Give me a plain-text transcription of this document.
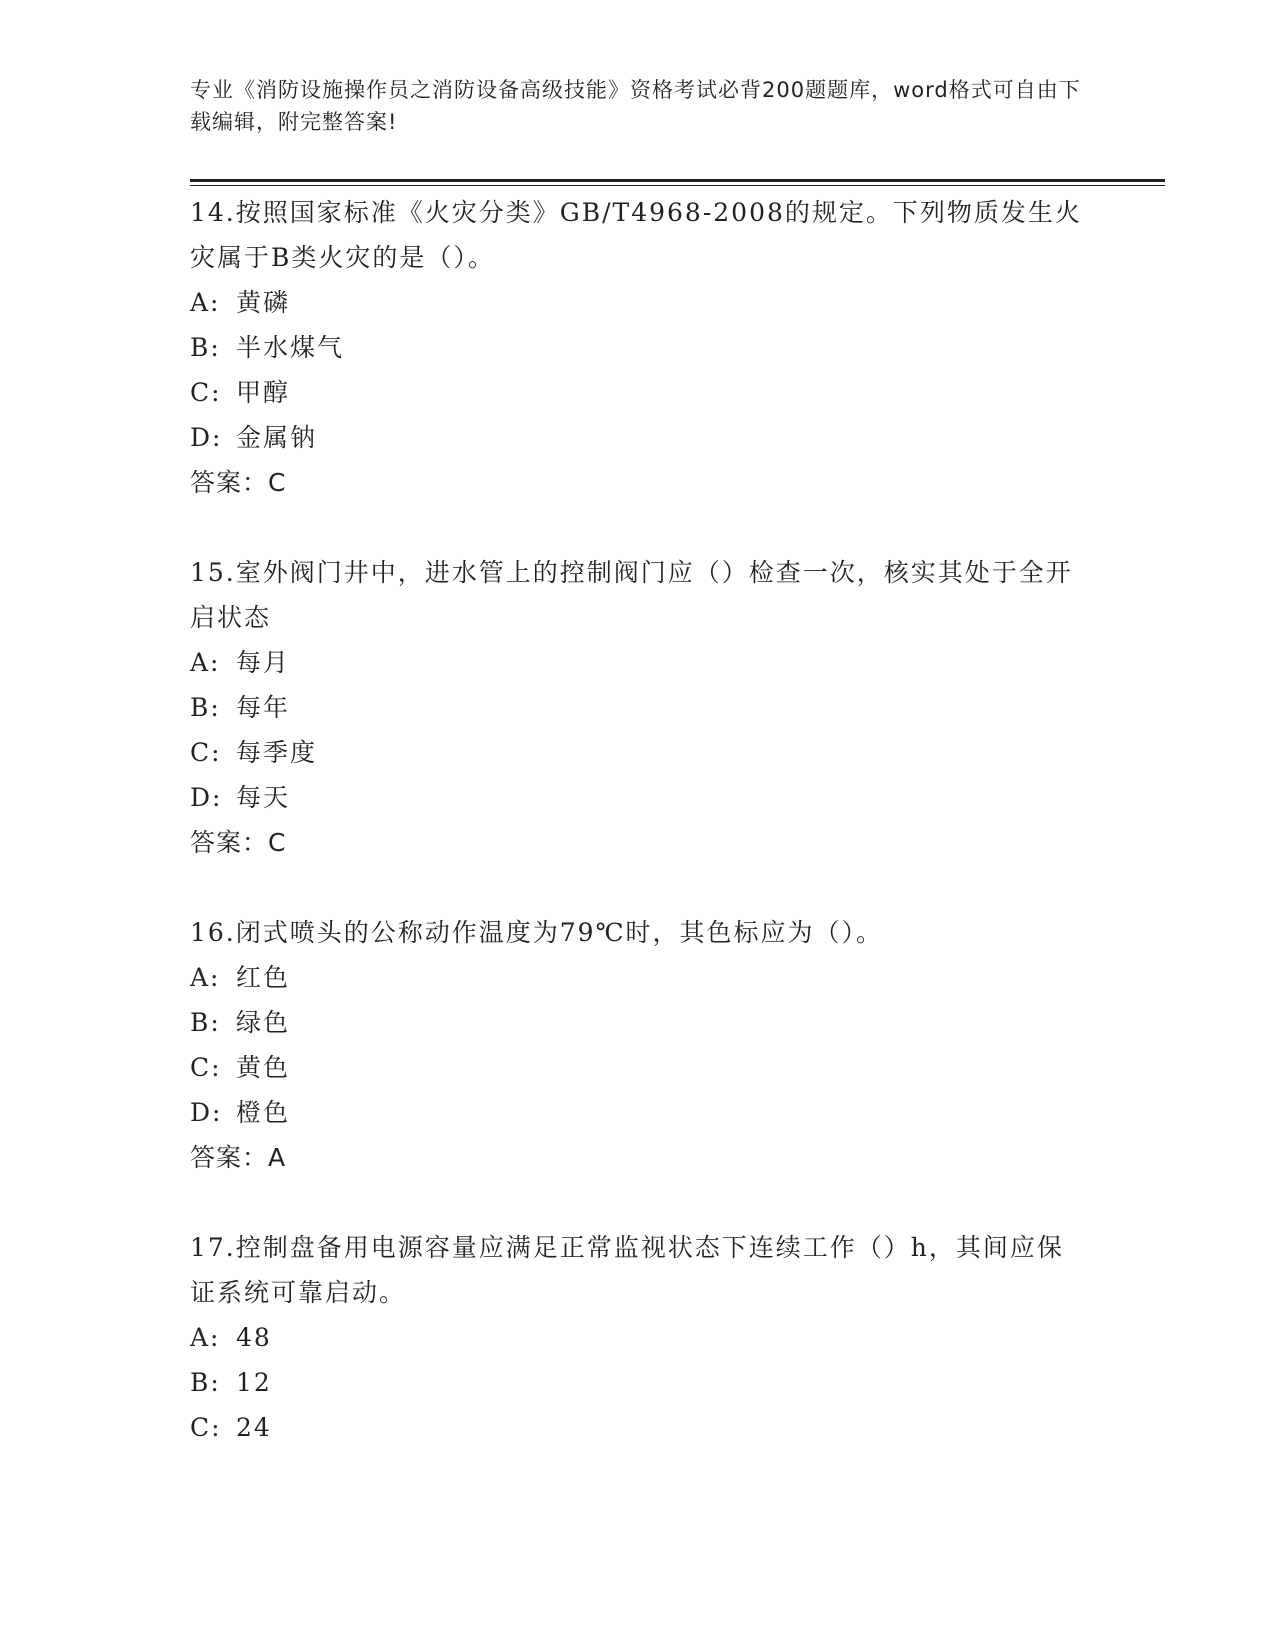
专业《消防设施操作员之消防设备高级技能》资格考试必背200题题库，word格式可自由下载编辑，附完整答案!

14.按照国家标准《火灾分类》GB/T4968-2008的规定。下列物质发生火灾属于B类火灾的是（）。

A: 黄磷

B: 半水煤气

C: 甲醇

D: 金属钠

答案：C

15.室外阀门井中，进水管上的控制阀门应（）检查一次，核实其处于全开启状态

A: 每月

B: 每年

C: 每季度

D: 每天

答案：C

16.闭式喷头的公称动作温度为79℃时，其色标应为（）。

A: 红色

B: 绿色

C: 黄色

D: 橙色

答案：A

17.控制盘备用电源容量应满足正常监视状态下连续工作（）h，其间应保证系统可靠启动。

A: 48

B: 12

C: 24
